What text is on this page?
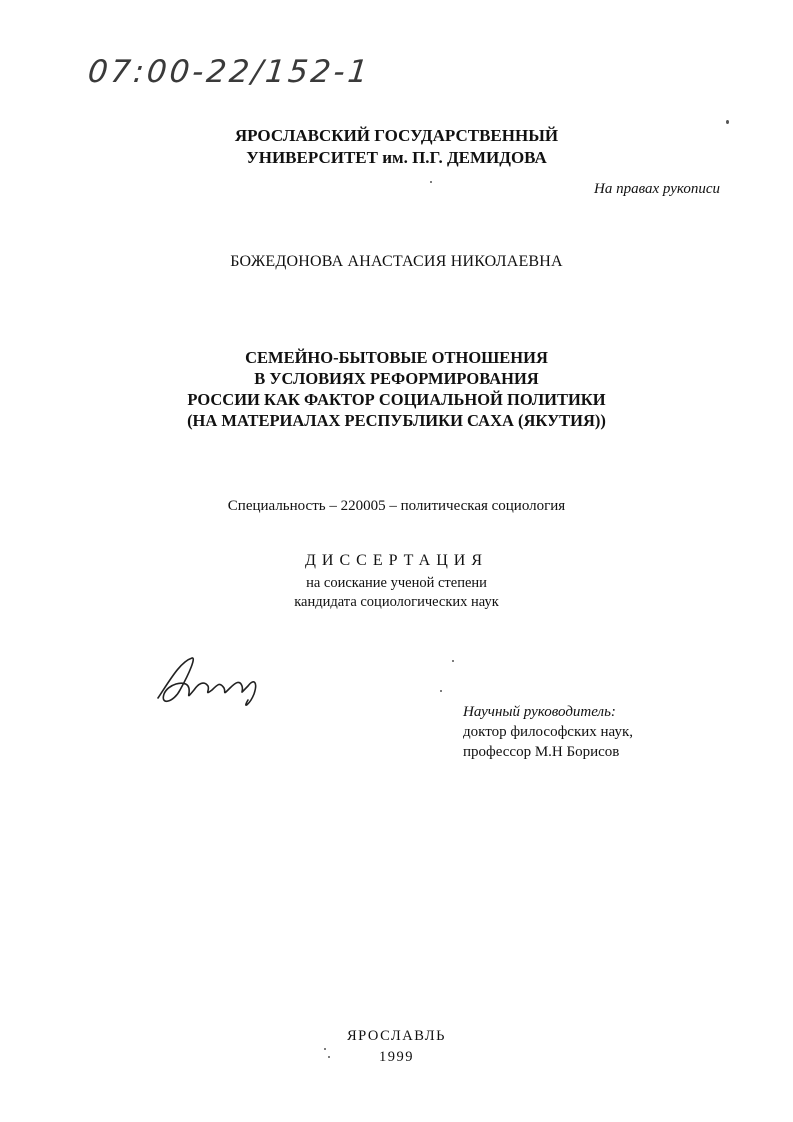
07:00-22/152-1
ЯРОСЛАВСКИЙ ГОСУДАРСТВЕННЫЙ
УНИВЕРСИТЕТ им. П.Г. ДЕМИДОВА
На правах рукописи
БОЖЕДОНОВА АНАСТАСИЯ НИКОЛАЕВНА
СЕМЕЙНО-БЫТОВЫЕ ОТНОШЕНИЯ
В УСЛОВИЯХ РЕФОРМИРОВАНИЯ
РОССИИ КАК ФАКТОР СОЦИАЛЬНОЙ ПОЛИТИКИ
(НА МАТЕРИАЛАХ РЕСПУБЛИКИ САХА (ЯКУТИЯ))
Специальность – 220005 – политическая социология
ДИССЕРТАЦИЯ
на соискание ученой степени
кандидата социологических наук
Научный руководитель:
доктор философских наук,
профессор М.Н Борисов
ЯРОСЛАВЛЬ
1999
